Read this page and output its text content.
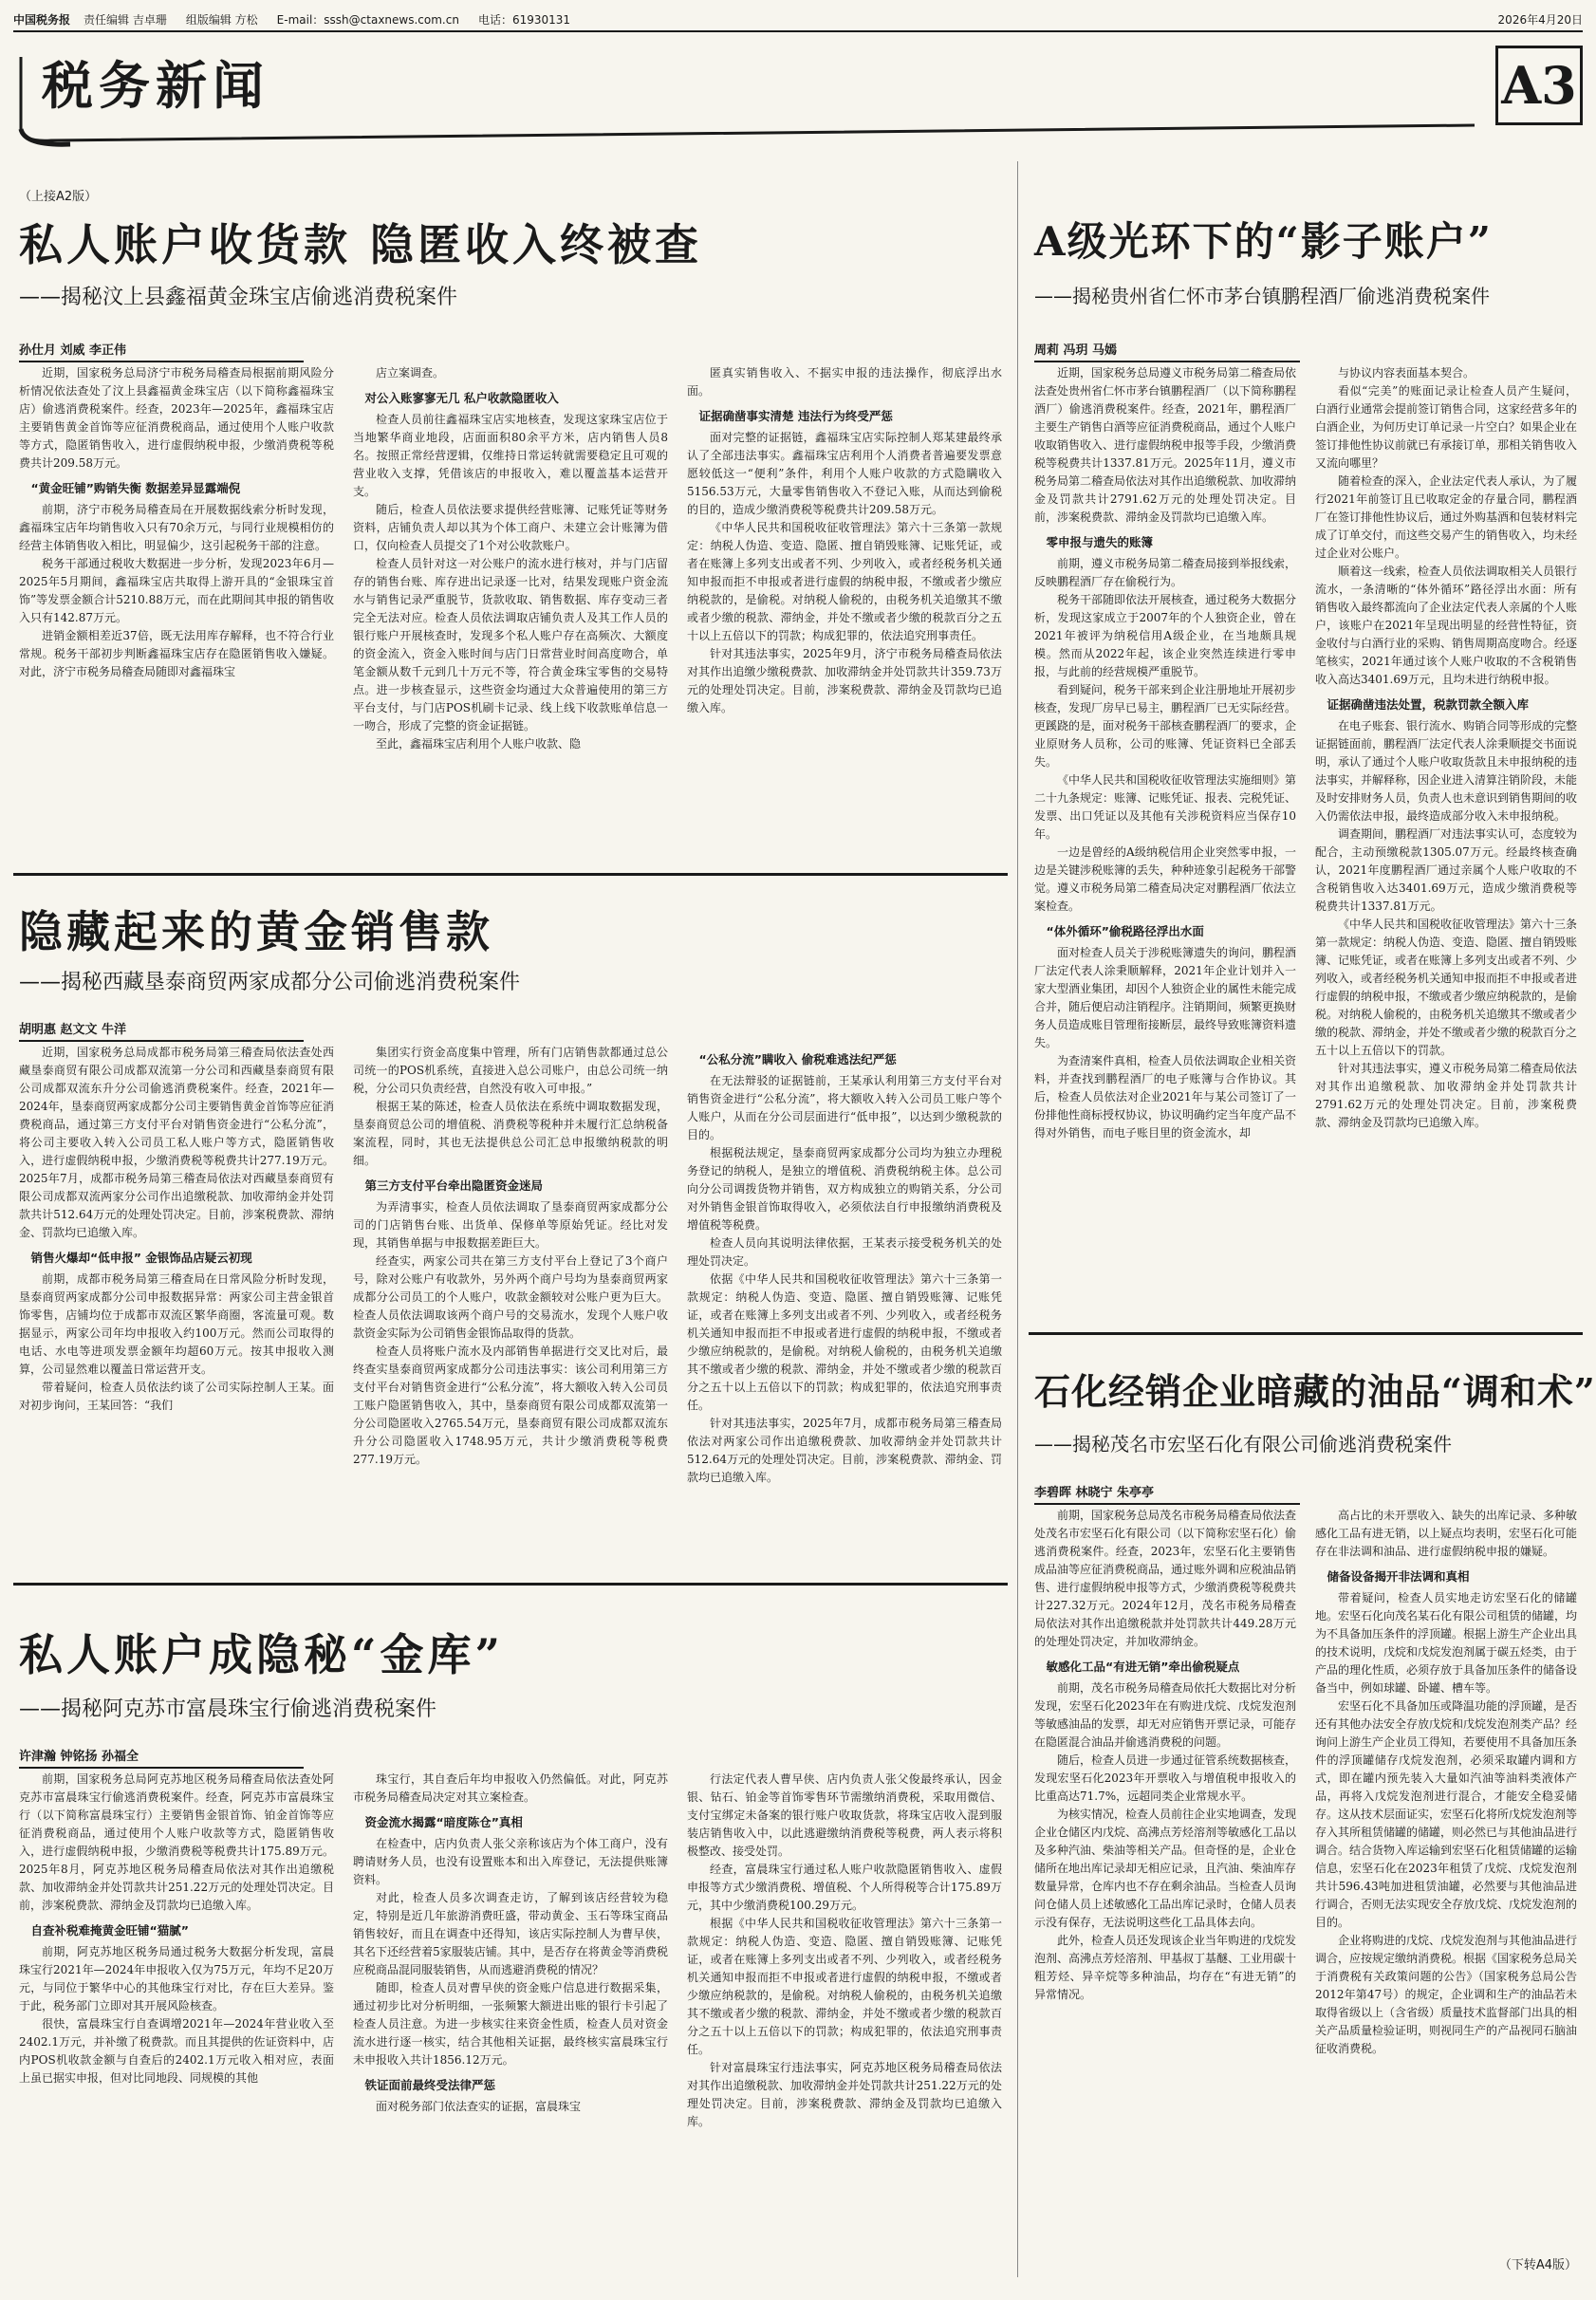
中国税务报 责任编辑 吉卓珊 组版编辑 方松 E-mail：sssh@ctaxnews.com.cn 电话：61930131	2026年4月20日
税务新闻	A3
（上接A2版）
私人账户收货款 隐匿收入终被查
——揭秘汶上县鑫福黄金珠宝店偷逃消费税案件
孙仕月 刘威 李正伟

近期，国家税务总局济宁市税务局稽查局根据前期风险分析情况依法查处了汶上县鑫福黄金珠宝店（以下简称鑫福珠宝店）偷逃消费税案件。经查，2023年—2025年，鑫福珠宝店主要销售黄金首饰等应征消费税商品，通过使用个人账户收款等方式，隐匿销售收入，进行虚假纳税申报，少缴消费税等税费共计209.58万元。

“黄金旺铺”购销失衡 数据差异显露端倪

前期，济宁市税务局稽查局在开展数据线索分析时发现，鑫福珠宝店年均销售收入只有70余万元，与同行业规模相仿的经营主体销售收入相比，明显偏少，这引起税务干部的注意。

税务干部通过税收大数据进一步分析，发现2023年6月—2025年5月期间，鑫福珠宝店共取得上游开具的“金银珠宝首饰”等发票金额合计5210.88万元，而在此期间其申报的销售收入只有142.87万元。

进销金额相差近37倍，既无法用库存解释，也不符合行业常规。税务干部初步判断鑫福珠宝店存在隐匿销售收入嫌疑。对此，济宁市税务局稽查局随即对鑫福珠宝

店立案调查。

对公入账寥寥无几 私户收款隐匿收入

检查人员前往鑫福珠宝店实地核查，发现这家珠宝店位于当地繁华商业地段，店面面积80余平方米，店内销售人员8名。按照正常经营逻辑，仅维持日常运转就需要稳定且可观的营业收入支撑，凭借该店的申报收入，难以覆盖基本运营开支。

随后，检查人员依法要求提供经营账簿、记账凭证等财务资料，店铺负责人却以其为个体工商户、未建立会计账簿为借口，仅向检查人员提交了1个对公收款账户。

检查人员针对这一对公账户的流水进行核对，并与门店留存的销售台账、库存进出记录逐一比对，结果发现账户资金流水与销售记录严重脱节，货款收取、销售数据、库存变动三者完全无法对应。检查人员依法调取店铺负责人及其工作人员的银行账户开展核查时，发现多个私人账户存在高频次、大额度的资金流入，资金入账时间与店门日常营业时间高度吻合，单笔金额从数千元到几十万元不等，符合黄金珠宝零售的交易特点。进一步核查显示，这些资金均通过大众普遍使用的第三方平台支付，与门店POS机刷卡记录、线上线下收款账单信息一一吻合，形成了完整的资金证据链。

至此，鑫福珠宝店利用个人账户收款、隐

匿真实销售收入、不据实申报的违法操作，彻底浮出水面。

证据确凿事实清楚 违法行为终受严惩

面对完整的证据链，鑫福珠宝店实际控制人郑某建最终承认了全部违法事实。鑫福珠宝店利用个人消费者普遍要发票意愿较低这一“便利”条件，利用个人账户收款的方式隐瞒收入5156.53万元，大量零售销售收入不登记入账，从而达到偷税的目的，造成少缴消费税等税费共计209.58万元。

《中华人民共和国税收征收管理法》第六十三条第一款规定：纳税人伪造、变造、隐匿、擅自销毁账簿、记账凭证，或者在账簿上多列支出或者不列、少列收入，或者经税务机关通知申报而拒不申报或者进行虚假的纳税申报，不缴或者少缴应纳税款的，是偷税。对纳税人偷税的，由税务机关追缴其不缴或者少缴的税款、滞纳金，并处不缴或者少缴的税款百分之五十以上五倍以下的罚款；构成犯罪的，依法追究刑事责任。

针对其违法事实，2025年9月，济宁市税务局稽查局依法对其作出追缴少缴税费款、加收滞纳金并处罚款共计359.73万元的处理处罚决定。目前，涉案税费款、滞纳金及罚款均已追缴入库。

隐藏起来的黄金销售款
——揭秘西藏垦泰商贸两家成都分公司偷逃消费税案件
胡明惠 赵文文 牛洋

近期，国家税务总局成都市税务局第三稽查局依法查处西藏垦泰商贸有限公司成都双流第一分公司和西藏垦泰商贸有限公司成都双流东升分公司偷逃消费税案件。经查，2021年—2024年，垦泰商贸两家成都分公司主要销售黄金首饰等应征消费税商品，通过第三方支付平台对销售资金进行“公私分流”，将公司主要收入转入公司员工私人账户等方式，隐匿销售收入，进行虚假纳税申报，少缴消费税等税费共计277.19万元。2025年7月，成都市税务局第三稽查局依法对西藏垦泰商贸有限公司成都双流两家分公司作出追缴税款、加收滞纳金并处罚款共计512.64万元的处理处罚决定。目前，涉案税费款、滞纳金、罚款均已追缴入库。

销售火爆却“低申报” 金银饰品店疑云初现

前期，成都市税务局第三稽查局在日常风险分析时发现，垦泰商贸两家成都分公司申报数据异常：两家公司主营金银首饰零售，店铺均位于成都市双流区繁华商圈，客流量可观。数据显示，两家公司年均申报收入约100万元。然而公司取得的电话、水电等进项发票金额年均超60万元。按其申报收入测算，公司显然难以覆盖日常运营开支。

带着疑问，检查人员依法约谈了公司实际控制人王某。面对初步询问，王某回答：“我们

集团实行资金高度集中管理，所有门店销售款都通过总公司统一的POS机系统，直接进入总公司账户，由总公司统一纳税，分公司只负责经营，自然没有收入可申报。”

根据王某的陈述，检查人员依法在系统中调取数据发现，垦泰商贸总公司的增值税、消费税等税种并未履行汇总纳税备案流程，同时，其也无法提供总公司汇总申报缴纳税款的明细。

第三方支付平台牵出隐匿资金迷局

为弄清事实，检查人员依法调取了垦泰商贸两家成都分公司的门店销售台账、出货单、保修单等原始凭证。经比对发现，其销售单据与申报数据差距巨大。

经查实，两家公司共在第三方支付平台上登记了3个商户号，除对公账户有收款外，另外两个商户号均为垦泰商贸两家成都分公司员工的个人账户，收款金额较对公账户更为巨大。检查人员依法调取该两个商户号的交易流水，发现个人账户收款资金实际为公司销售金银饰品取得的货款。

检查人员将账户流水及内部销售单据进行交叉比对后，最终查实垦泰商贸两家成都分公司违法事实：该公司利用第三方支付平台对销售资金进行“公私分流”，将大额收入转入公司员工账户隐匿销售收入，其中，垦泰商贸有限公司成都双流第一分公司隐匿收入2765.54万元，垦泰商贸有限公司成都双流东升分公司隐匿收入1748.95万元，共计少缴消费税等税费277.19万元。

“公私分流”瞒收入 偷税难逃法纪严惩

在无法辩驳的证据链前，王某承认利用第三方支付平台对销售资金进行“公私分流”，将大额收入转入公司员工账户等个人账户，从而在分公司层面进行“低申报”，以达到少缴税款的目的。

根据税法规定，垦泰商贸两家成都分公司均为独立办理税务登记的纳税人，是独立的增值税、消费税纳税主体。总公司向分公司调拨货物并销售，双方构成独立的购销关系，分公司对外销售金银首饰取得收入，必须依法自行申报缴纳消费税及增值税等税费。

检查人员向其说明法律依据，王某表示接受税务机关的处理处罚决定。

依据《中华人民共和国税收征收管理法》第六十三条第一款规定：纳税人伪造、变造、隐匿、擅自销毁账簿、记账凭证，或者在账簿上多列支出或者不列、少列收入，或者经税务机关通知申报而拒不申报或者进行虚假的纳税申报，不缴或者少缴应纳税款的，是偷税。对纳税人偷税的，由税务机关追缴其不缴或者少缴的税款、滞纳金，并处不缴或者少缴的税款百分之五十以上五倍以下的罚款；构成犯罪的，依法追究刑事责任。

针对其违法事实，2025年7月，成都市税务局第三稽查局依法对两家公司作出追缴税费款、加收滞纳金并处罚款共计512.64万元的处理处罚决定。目前，涉案税费款、滞纳金、罚款均已追缴入库。

私人账户成隐秘“金库”
——揭秘阿克苏市富晨珠宝行偷逃消费税案件
许津瀚 钟铭扬 孙福全

前期，国家税务总局阿克苏地区税务局稽查局依法查处阿克苏市富晨珠宝行偷逃消费税案件。经查，阿克苏市富晨珠宝行（以下简称富晨珠宝行）主要销售金银首饰、铂金首饰等应征消费税商品，通过使用个人账户收款等方式，隐匿销售收入，进行虚假纳税申报，少缴消费税等税费共计175.89万元。2025年8月，阿克苏地区税务局稽查局依法对其作出追缴税款、加收滞纳金并处罚款共计251.22万元的处理处罚决定。目前，涉案税费款、滞纳金及罚款均已追缴入库。

自查补税难掩黄金旺铺“猫腻”

前期，阿克苏地区税务局通过税务大数据分析发现，富晨珠宝行2021年—2024年申报收入仅为75万元，年均不足20万元，与同位于繁华中心的其他珠宝行对比，存在巨大差异。鉴于此，税务部门立即对其开展风险核查。

很快，富晨珠宝行自查调增2021年—2024年营业收入至2402.1万元，并补缴了税费款。而且其提供的佐证资料中，店内POS机收款金额与自查后的2402.1万元收入相对应，表面上虽已据实申报，但对比同地段、同规模的其他

珠宝行，其自查后年均申报收入仍然偏低。对此，阿克苏市税务局稽查局决定对其立案检查。

资金流水揭露“暗度陈仓”真相

在检查中，店内负责人张父亲称该店为个体工商户，没有聘请财务人员，也没有设置账本和出入库登记，无法提供账簿资料。

对此，检查人员多次调查走访，了解到该店经营较为稳定，特别是近几年旅游消费旺盛，带动黄金、玉石等珠宝商品销售较好，而且在调查中还得知，该店实际控制人为曹早侠，其名下还经营着5家服装店铺。其中，是否存在将黄金等消费税应税商品混同服装销售，从而逃避消费税的情况？

随即，检查人员对曹早侠的资金账户信息进行数据采集，通过初步比对分析明细，一张频繁大额进出账的银行卡引起了检查人员注意。为进一步核实往来资金性质，检查人员对资金流水进行逐一核实，结合其他相关证据，最终核实富晨珠宝行未申报收入共计1856.12万元。

铁证面前最终受法律严惩

面对税务部门依法查实的证据，富晨珠宝

行法定代表人曹早侠、店内负责人张父俊最终承认，因金银、钻石、铂金等首饰零售环节需缴纳消费税，采取用微信、支付宝绑定未备案的银行账户收取货款，将珠宝店收入混到服装店销售收入中，以此逃避缴纳消费税等税费，两人表示将积极整改、接受处罚。

经查，富晨珠宝行通过私人账户收款隐匿销售收入、虚假申报等方式少缴消费税、增值税、个人所得税等合计175.89万元，其中少缴消费税100.29万元。

根据《中华人民共和国税收征收管理法》第六十三条第一款规定：纳税人伪造、变造、隐匿、擅自销毁账簿、记账凭证，或者在账簿上多列支出或者不列、少列收入，或者经税务机关通知申报而拒不申报或者进行虚假的纳税申报，不缴或者少缴应纳税款的，是偷税。对纳税人偷税的，由税务机关追缴其不缴或者少缴的税款、滞纳金，并处不缴或者少缴的税款百分之五十以上五倍以下的罚款；构成犯罪的，依法追究刑事责任。

针对富晨珠宝行违法事实，阿克苏地区税务局稽查局依法对其作出追缴税款、加收滞纳金并处罚款共计251.22万元的处理处罚决定。目前，涉案税费款、滞纳金及罚款均已追缴入库。

A级光环下的“影子账户”
——揭秘贵州省仁怀市茅台镇鹏程酒厂偷逃消费税案件
周莉 冯玥 马嫣

近期，国家税务总局遵义市税务局第二稽查局依法查处贵州省仁怀市茅台镇鹏程酒厂（以下简称鹏程酒厂）偷逃消费税案件。经查，2021年，鹏程酒厂主要生产销售白酒等应征消费税商品，通过个人账户收取销售收入、进行虚假纳税申报等手段，少缴消费税等税费共计1337.81万元。2025年11月，遵义市税务局第二稽查局依法对其作出追缴税款、加收滞纳金及罚款共计2791.62万元的处理处罚决定。目前，涉案税费款、滞纳金及罚款均已追缴入库。

零申报与遗失的账簿

前期，遵义市税务局第二稽查局接到举报线索，反映鹏程酒厂存在偷税行为。

税务干部随即依法开展核查，通过税务大数据分析，发现这家成立于2007年的个人独资企业，曾在2021年被评为纳税信用A级企业，在当地颇具规模。然而从2022年起，该企业突然连续进行零申报，与此前的经营规模严重脱节。

看到疑问，税务干部来到企业注册地址开展初步核查，发现厂房早已易主，鹏程酒厂已无实际经营。更蹊跷的是，面对税务干部核查鹏程酒厂的要求，企业原财务人员称，公司的账簿、凭证资料已全部丢失。

《中华人民共和国税收征收管理法实施细则》第二十九条规定：账簿、记账凭证、报表、完税凭证、发票、出口凭证以及其他有关涉税资料应当保存10年。

一边是曾经的A级纳税信用企业突然零申报，一边是关键涉税账簿的丢失，种种迹象引起税务干部警觉。遵义市税务局第二稽查局决定对鹏程酒厂依法立案检查。

“体外循环”偷税路径浮出水面

面对检查人员关于涉税账簿遗失的询问，鹏程酒厂法定代表人涂秉顺解释，2021年企业计划并入一家大型酒业集团，却因个人独资企业的属性未能完成合并，随后便启动注销程序。注销期间，频繁更换财务人员造成账目管理衔接断层，最终导致账簿资料遗失。

为查清案件真相，检查人员依法调取企业相关资料，并查找到鹏程酒厂的电子账簿与合作协议。其后，检查人员依法对企业2021年与某公司签订了一份排他性商标授权协议，协议明确约定当年度产品不得对外销售，而电子账目里的资金流水，却

与协议内容表面基本契合。

看似“完美”的账面记录让检查人员产生疑问，白酒行业通常会提前签订销售合同，这家经营多年的白酒企业，为何历史订单记录一片空白？如果企业在签订排他性协议前就已有承接订单，那相关销售收入又流向哪里？

随着检查的深入，企业法定代表人承认，为了履行2021年前签订且已收取定金的存量合同，鹏程酒厂在签订排他性协议后，通过外购基酒和包装材料完成了订单交付，而这些交易产生的销售收入，均未经过企业对公账户。

顺着这一线索，检查人员依法调取相关人员银行流水，一条清晰的“体外循环”路径浮出水面：所有销售收入最终都流向了企业法定代表人亲属的个人账户，该账户在2021年呈现出明显的经营性特征，资金收付与白酒行业的采购、销售周期高度吻合。经逐笔核实，2021年通过该个人账户收取的不含税销售收入高达3401.69万元，且均未进行纳税申报。

证据确凿违法处置，税款罚款全额入库

在电子账套、银行流水、购销合同等形成的完整证据链面前，鹏程酒厂法定代表人涂秉顺提交书面说明，承认了通过个人账户收取货款且未申报纳税的违法事实，并解释称，因企业进入清算注销阶段，未能及时安排财务人员，负责人也未意识到销售期间的收入仍需依法申报，最终造成部分收入未申报纳税。

调查期间，鹏程酒厂对违法事实认可，态度较为配合，主动预缴税款1305.07万元。经最终核查确认，2021年度鹏程酒厂通过亲属个人账户收取的不含税销售收入达3401.69万元，造成少缴消费税等税费共计1337.81万元。

《中华人民共和国税收征收管理法》第六十三条第一款规定：纳税人伪造、变造、隐匿、擅自销毁账簿、记账凭证，或者在账簿上多列支出或者不列、少列收入，或者经税务机关通知申报而拒不申报或者进行虚假的纳税申报，不缴或者少缴应纳税款的，是偷税。对纳税人偷税的，由税务机关追缴其不缴或者少缴的税款、滞纳金，并处不缴或者少缴的税款百分之五十以上五倍以下的罚款。

针对其违法事实，遵义市税务局第二稽查局依法对其作出追缴税款、加收滞纳金并处罚款共计2791.62万元的处理处罚决定。目前，涉案税费款、滞纳金及罚款均已追缴入库。

石化经销企业暗藏的油品“调和术”
——揭秘茂名市宏坚石化有限公司偷逃消费税案件
李碧晖 林晓宁 朱亭亭

前期，国家税务总局茂名市税务局稽查局依法查处茂名市宏坚石化有限公司（以下简称宏坚石化）偷逃消费税案件。经查，2023年，宏坚石化主要销售成品油等应征消费税商品，通过账外调和应税油品销售、进行虚假纳税申报等方式，少缴消费税等税费共计227.32万元。2024年12月，茂名市税务局稽查局依法对其作出追缴税款并处罚款共计449.28万元的处理处罚决定，并加收滞纳金。

敏感化工品“有进无销”牵出偷税疑点

前期，茂名市税务局稽查局依托大数据比对分析发现，宏坚石化2023年在有购进戊烷、戊烷发泡剂等敏感油品的发票，却无对应销售开票记录，可能存在隐匿混合油品并偷逃消费税的问题。

随后，检查人员进一步通过征管系统数据核查，发现宏坚石化2023年开票收入与增值税申报收入的比重高达71.7%，远超同类企业常规水平。

为核实情况，检查人员前往企业实地调查，发现企业仓储区内戊烷、高沸点芳烃溶剂等敏感化工品以及多种汽油、柴油等相关产品。但奇怪的是，企业仓储所在地出库记录却无相应记录，且汽油、柴油库存数量异常，仓库内也不存在剩余油品。当检查人员询问仓储人员上述敏感化工品出库记录时，仓储人员表示没有保存，无法说明这些化工品具体去向。

此外，检查人员还发现该企业当年购进的戊烷发泡剂、高沸点芳烃溶剂、甲基叔丁基醚、工业用碳十粗芳烃、异辛烷等多种油品，均存在“有进无销”的异常情况。

高占比的未开票收入、缺失的出库记录、多种敏感化工品有进无销，以上疑点均表明，宏坚石化可能存在非法调和油品、进行虚假纳税申报的嫌疑。

储备设备揭开非法调和真相

带着疑问，检查人员实地走访宏坚石化的储罐地。宏坚石化向茂名某石化有限公司租赁的储罐，均为不具备加压条件的浮顶罐。根据上游生产企业出具的技术说明，戊烷和戊烷发泡剂属于碳五烃类，由于产品的理化性质，必须存放于具备加压条件的储备设备当中，例如球罐、卧罐、槽车等。

宏坚石化不具备加压或降温功能的浮顶罐，是否还有其他办法安全存放戊烷和戊烷发泡剂类产品？经询问上游生产企业员工得知，若要使用不具备加压条件的浮顶罐储存戊烷发泡剂，必须采取罐内调和方式，即在罐内预先装入大量如汽油等油料类液体产品，再将入戊烷发泡剂进行混合，才能安全稳妥储存。这从技术层面证实，宏坚石化将所戊烷发泡剂等存入其所租赁储罐的储罐，则必然已与其他油品进行调合。结合货物入库运输到宏坚石化租赁储罐的运输信息，宏坚石化在2023年租赁了戊烷、戊烷发泡剂共计596.43吨加进租赁油罐，必然要与其他油品进行调合，否则无法实现安全存放戊烷、戊烷发泡剂的目的。

企业将购进的戊烷、戊烷发泡剂与其他油品进行调合，应按规定缴纳消费税。根据《国家税务总局关于消费税有关政策问题的公告》（国家税务总局公告2012年第47号）的规定，企业调和生产的油品若未取得省级以上（含省级）质量技术监督部门出具的相关产品质量检验证明，则视同生产的产品视同石脑油征收消费税。

（下转A4版）
